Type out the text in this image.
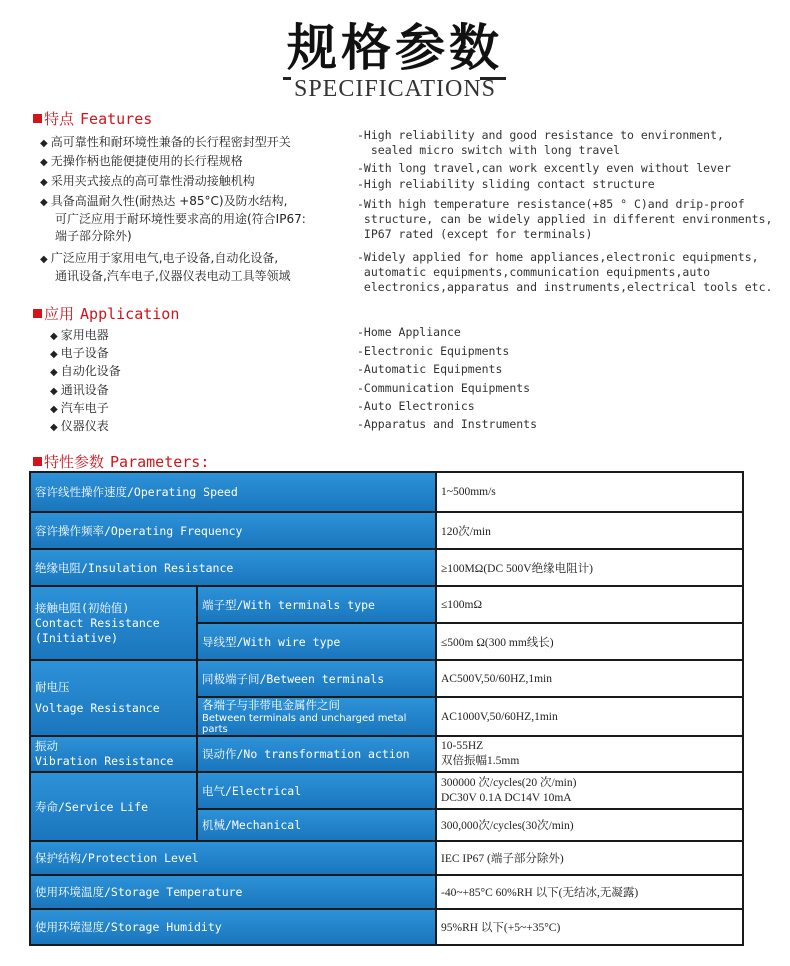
规格参数
SPECIFICATIONS
特点 Features
◆ 高可靠性和耐环境性兼备的长行程密封型开关
◆ 无操作柄也能便捷使用的长行程规格
◆ 采用夹式接点的高可靠性滑动接触机构
◆ 具备高温耐久性(耐热达 +85°C)及防水结构,
可广泛应用于耐环境性要求高的用途(符合IP67:
端子部分除外)
◆ 广泛应用于家用电气,电子设备,自动化设备,
通讯设备,汽车电子,仪器仪表电动工具等领域
-High reliability and good resistance to environment,
sealed micro switch with long travel
-With long travel,can work excently even without lever
-High reliability sliding contact structure
-With high temperature resistance(+85 ° C)and drip-proof
structure, can be widely applied in different environments,
IP67 rated (except for terminals)
-Widely applied for home appliances,electronic equipments,
automatic equipments,communication equipments,auto
electronics,apparatus and instruments,electrical tools etc.
应用 Application
◆ 家用电器
◆ 电子设备
◆ 自动化设备
◆ 通讯设备
◆ 汽车电子
◆ 仪器仪表
-Home Appliance
-Electronic Equipments
-Automatic Equipments
-Communication Equipments
-Auto Electronics
-Apparatus and Instruments
特性参数 Parameters:
容许线性操作速度/Operating Speed		1~500mm/s
容许操作频率/Operating Frequency		120次/min
绝缘电阻/Insulation Resistance		≥100MΩ(DC 500V绝缘电阻计)

接触电阻(初始值)
Contact Resistance
(Initiative)	端子型/With terminals type	≤100mΩ
	导线型/With wire type	≤500m Ω(300 mm线长)

耐电压
Voltage Resistance	同极端子间/Between terminals	AC500V,50/60HZ,1min

	各端子与非带电金属件之间
Between terminals and uncharged metal parts	AC1000V,50/60HZ,1min

振动
Vibration Resistance	误动作/No transformation action	10-55HZ
双倍振幅1.5mm

寿命/Service Life	电气/Electrical	300000 次/cycles(20 次/min)
DC30V 0.1A DC14V 10mA

	机械/Mechanical	300,000次/cycles(30次/min)
保护结构/Protection Level		IEC IP67 (端子部分除外)
使用环境温度/Storage Temperature		-40~+85°C 60%RH 以下(无结冰,无凝露)
使用环境湿度/Storage Humidity		95%RH 以下(+5~+35°C)
